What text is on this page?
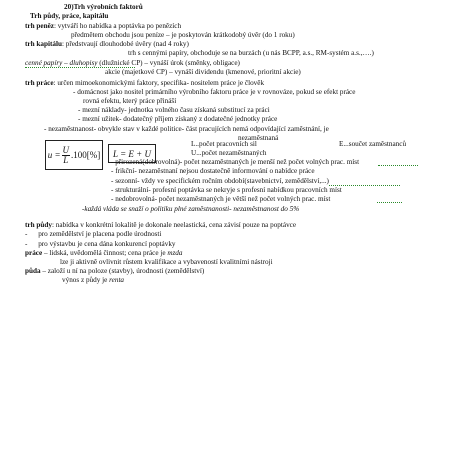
20)Trh výrobních faktorů
Trh půdy, práce, kapitálu
trh peněz: vytváří ho nabídka a poptávka po penězích
předmětem obchodu jsou peníze – je poskytován krátkodobý úvěr (do 1 roku)
trh kapitálu: předstvaují dlouhodobé úvěry (nad 4 roky)
trh s cennými papíry, obchoduje se na burzách (u nás BCPP, a.s., RM-systém a.s.,….)
cenné papíry – dluhopisy (dlužnické CP) – vynáší úrok (směnky, obligace)
akcie (majetkové CP) – vynáší dividendu (kmenové, prioritní akcie)
trh práce: určen mimoekonomickými faktory, specifika- nositelem práce je člověk
- domácnost jako nositel primárního výrobního faktoru práce je v rovnováze, pokud se efekt práce
rovná efektu, který práce přináší
- mezní náklady- jednotka volného času získaná substitucí za práci
- mezní užitek- dodatečný příjem získaný z dodatečné jednotky práce
- nezaměstnanost- obvykle stav v každé politice- část pracujících nemá odpovídající zaměstnání, je
nezaměstnaná
$u = \frac{U}{L} .100[\%]$	L = E + U
L..počet pracovních sil	E...součet zaměstnanců
U...počet nezaměstnaných
- přirozená(dobrovolná)- počet nezaměstnaných je menší než počet volných prac. míst
- frikční- nezaměstnaní nejsou dostatečně informování o nabídce práce
- sezonní- vždy ve specifickém ročním období(stavebnictví, zemědělství,...)
- strukturální- profesní poptávka se nekryje s profesní nabídkou pracovních míst
- nedobrovolná- počet nezaměstnaných je větší než počet volných prac. míst
-každá vláda se snaží o politiku plné zaměstnanosti- nezaměstnanost do 5%
trh půdy: nabídka v konkrétní lokalitě je dokonale neelastická, cena závisí pouze na poptávce
-      pro zemědělství je placena podle úrodnosti
-      pro výstavbu je cena dána konkurencí poptávky
práce – lidská, uvědomělá činnost; cena práce je mzda
lze ji aktivně ovlivnit růstem kvalifikace a vybaveností kvalitními nástroji
půda – založí u ní na poloze (stavby), úrodnosti (zemědělství)
výnos z půdy je renta
